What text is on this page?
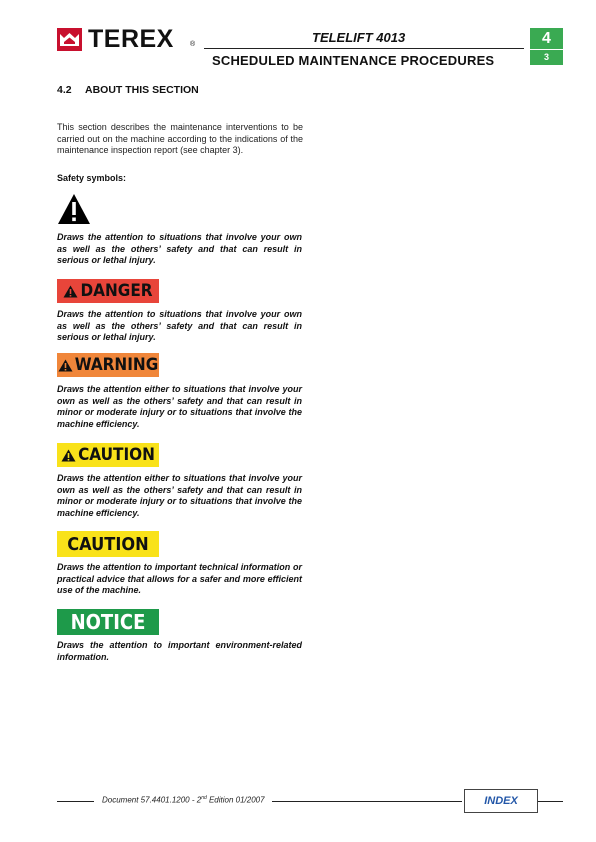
TEREX ®	TELELIFT 4013
SCHEDULED MAINTENANCE PROCEDURES
4
3
4.2 ABOUT THIS SECTION
This section describes the maintenance interventions to be carried out on the machine according to the indications of the maintenance inspection report (see chapter 3).
Safety symbols:
Draws the attention to situations that involve your own as well as the others’ safety and that can result in serious or lethal injury.
DANGER
Draws the attention to situations that involve your own as well as the others’ safety and that can result in serious or lethal injury.
WARNING
Draws the attention either to situations that involve your own as well as the others’ safety and that can result in minor or moderate injury or to situations that involve the machine efficiency.
CAUTION
Draws the attention either to situations that involve your own as well as the others’ safety and that can result in minor or moderate injury or to situations that involve the machine efficiency.
CAUTION
Draws the attention to important technical information or practical advice that allows for a safer and more efficient use of the machine.
NOTICE
Draws the attention to important environment-related information.
Document 57.4401.1200 - 2nd Edition 01/2007	INDEX
